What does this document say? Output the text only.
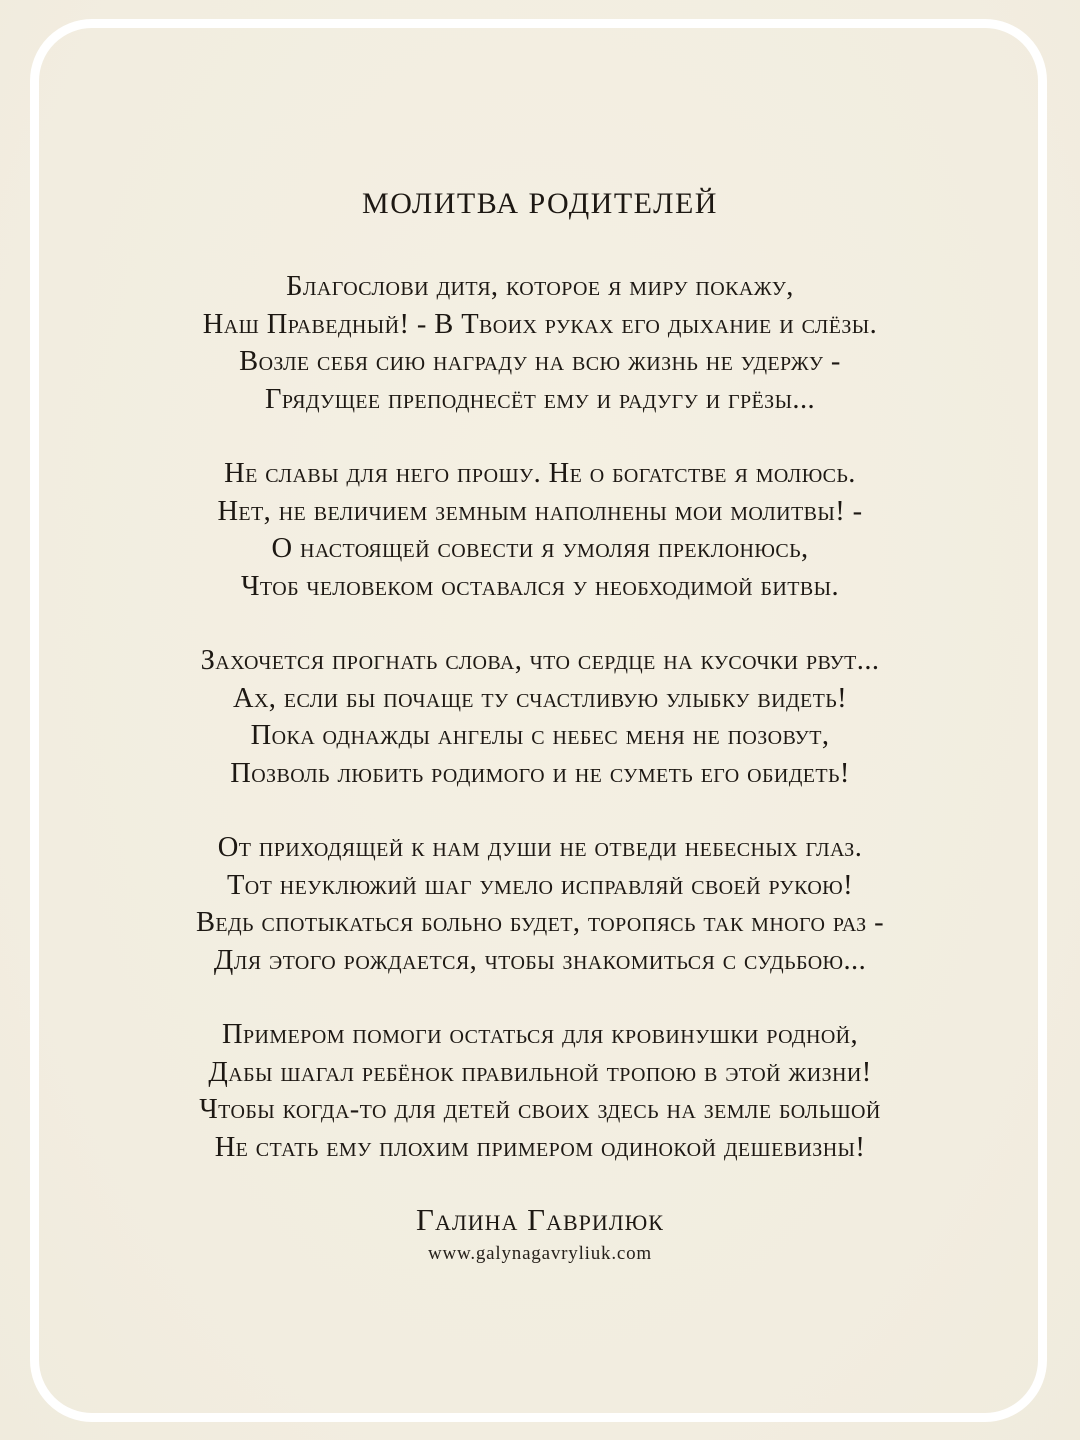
МОЛИТВА РОДИТЕЛЕЙ
Благослови дитя, которое я миру покажу,
Наш Праведный! - В Твоих руках его дыхание и слёзы.
Возле себя сию награду на всю жизнь не удержу -
Грядущее преподнесёт ему и радугу и грёзы...
Не славы для него прошу. Не о богатстве я молюсь.
Нет, не величием земным наполнены мои молитвы! -
О настоящей совести я умоляя преклонюсь,
Чтоб человеком оставался у необходимой битвы.
Захочется прогнать слова, что сердце на кусочки рвут...
Ах, если бы почаще ту счастливую улыбку видеть!
Пока однажды ангелы с небес меня не позовут,
Позволь любить родимого и не суметь его обидеть!
От приходящей к нам души не отведи небесных глаз.
Тот неуклюжий шаг умело исправляй своей рукою!
Ведь спотыкаться больно будет, торопясь так много раз -
Для этого рождается, чтобы знакомиться с судьбою...
Примером помоги остаться для кровинушки родной,
Дабы шагал ребёнок правильной тропою в этой жизни!
Чтобы когда-то для детей своих здесь на земле большой
Не стать ему плохим примером одинокой дешевизны!
Галина Гаврилюк
www.galynagavryliuk.com
